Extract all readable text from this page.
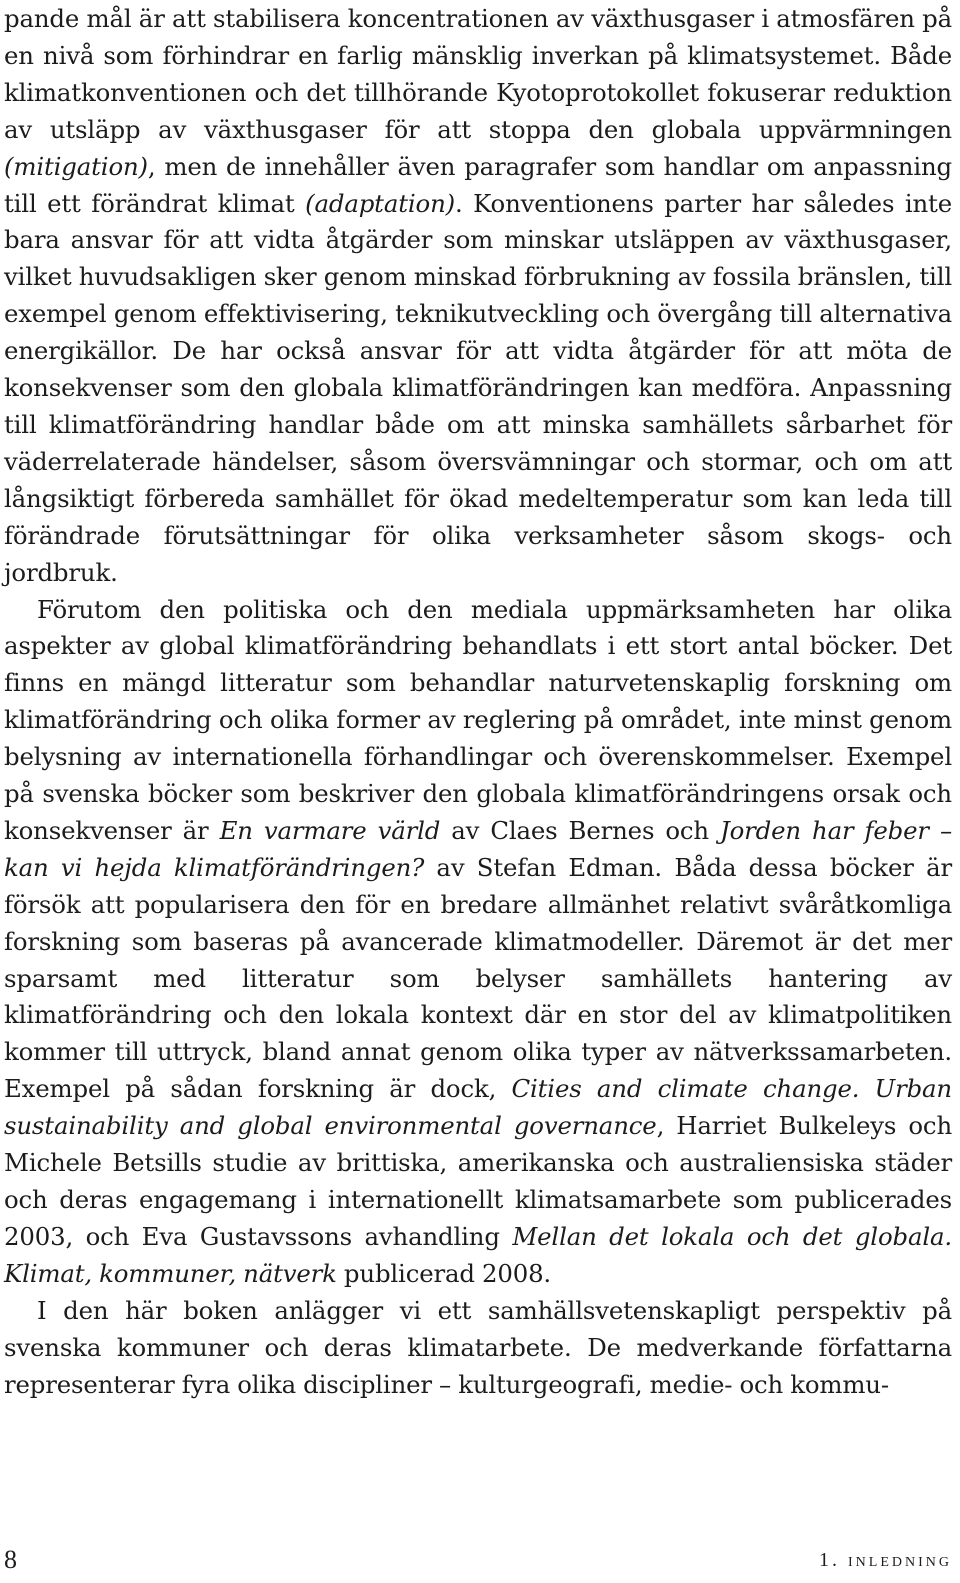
pande mål är att stabilisera koncentrationen av växthusgaser i atmosfären på en nivå som förhindrar en farlig mänsklig inverkan på klimatsystemet. Både klimatkonventionen och det tillhörande Kyotoprotokollet fokuserar reduktion av utsläpp av växthusgaser för att stoppa den globala uppvärmningen (mitigation), men de innehåller även paragrafer som handlar om anpassning till ett förändrat klimat (adaptation). Konventionens parter har således inte bara ansvar för att vidta åtgärder som minskar utsläppen av växthusgaser, vilket huvudsakligen sker genom minskad förbrukning av fossila bränslen, till exempel genom effektivisering, teknikutveckling och övergång till alternativa energikällor. De har också ansvar för att vidta åtgärder för att möta de konsekvenser som den globala klimatförändringen kan medföra. Anpassning till klimatförändring handlar både om att minska samhällets sårbarhet för väderrelaterade händelser, såsom översvämningar och stormar, och om att långsiktigt förbereda samhället för ökad medeltemperatur som kan leda till förändrade förutsättningar för olika verksamheter såsom skogs- och jordbruk.

Förutom den politiska och den mediala uppmärksamheten har olika aspekter av global klimatförändring behandlats i ett stort antal böcker. Det finns en mängd litteratur som behandlar naturvetenskaplig forskning om klimatförändring och olika former av reglering på området, inte minst genom belysning av internationella förhandlingar och överenskommelser. Exempel på svenska böcker som beskriver den globala klimatförändringens orsak och konsekvenser är En varmare värld av Claes Bernes och Jorden har feber – kan vi hejda klimatförändringen? av Stefan Edman. Båda dessa böcker är försök att popularisera den för en bredare allmänhet relativt svåråtkomliga forskning som baseras på avancerade klimatmodeller. Däremot är det mer sparsamt med litteratur som belyser samhällets hantering av klimatförändring och den lokala kontext där en stor del av klimatpolitiken kommer till uttryck, bland annat genom olika typer av nätverkssamarbeten. Exempel på sådan forskning är dock, Cities and climate change. Urban sustainability and global environmental governance, Harriet Bulkeleys och Michele Betsills studie av brittiska, amerikanska och australiensiska städer och deras engagemang i internationellt klimatsamarbete som publicerades 2003, och Eva Gustavssons avhandling Mellan det lokala och det globala. Klimat, kommuner, nätverk publicerad 2008.

I den här boken anlägger vi ett samhällsvetenskapligt perspektiv på svenska kommuner och deras klimatarbete. De medverkande författarna representerar fyra olika discipliner – kulturgeografi, medie- och kommu-

8	1. inledning
